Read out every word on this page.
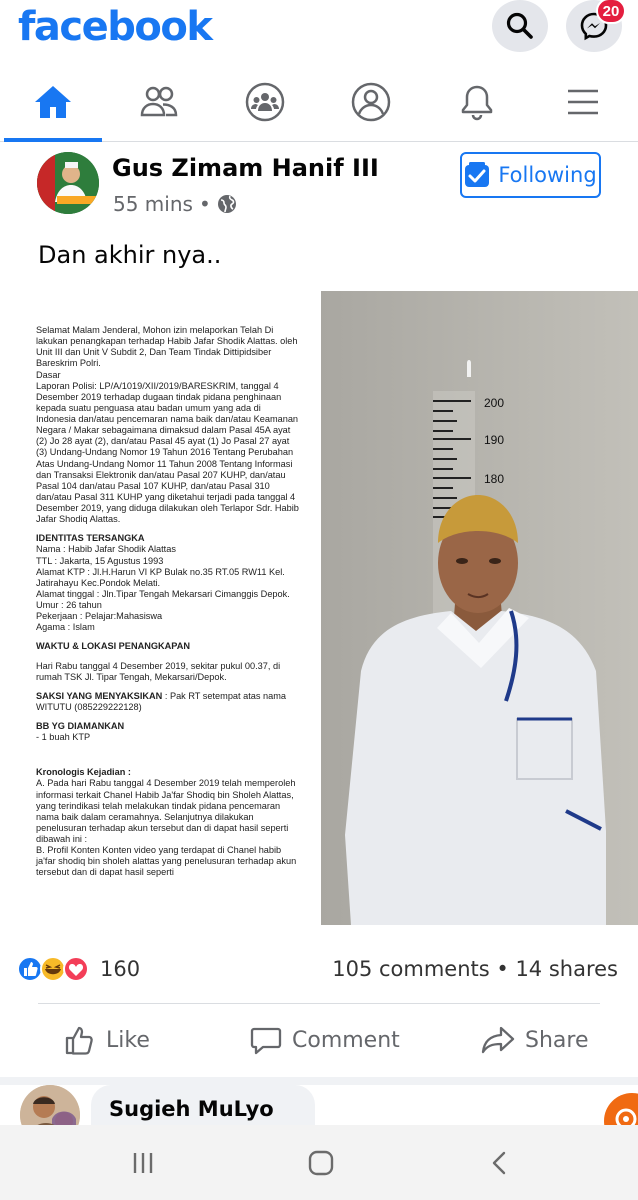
facebook	20
Gus Zimam Hanif III
55 mins •
Following
Dan akhir nya..

Selamat Malam Jenderal, Mohon izin melaporkan Telah Di lakukan penangkapan terhadap Habib Jafar Shodik Alattas. oleh Unit III dan Unit V Subdit 2, Dan Team Tindak Dittipidsiber Bareskrim Polri.

Dasar

Laporan Polisi: LP/A/1019/XII/2019/BARESKRIM, tanggal 4 Desember 2019 terhadap dugaan tindak pidana penghinaan kepada suatu penguasa atau badan umum yang ada di Indonesia dan/atau pencemaran nama baik dan/atau Keamanan Negara / Makar sebagaimana dimaksud dalam Pasal 45A ayat (2) Jo 28 ayat (2), dan/atau Pasal 45 ayat (1) Jo Pasal 27 ayat (3) Undang-Undang Nomor 19 Tahun 2016 Tentang Perubahan Atas Undang-Undang Nomor 11 Tahun 2008 Tentang Informasi dan Transaksi Elektronik dan/atau Pasal 207 KUHP, dan/atau Pasal 104 dan/atau Pasal 107 KUHP, dan/atau Pasal 310 dan/atau Pasal 311 KUHP yang diketahui terjadi pada tanggal 4 Desember 2019, yang diduga dilakukan oleh Terlapor Sdr. Habib Jafar Shodiq Alattas.

IDENTITAS TERSANGKA

Nama : Habib Jafar Shodik Alattas

TTL : Jakarta, 15 Agustus 1993

Alamat KTP : Jl.H.Harun VI KP Bulak no.35 RT.05 RW11 Kel. Jatirahayu Kec.Pondok Melati.

Alamat tinggal : Jln.Tipar Tengah Mekarsari Cimanggis Depok.

Umur : 26 tahun

Pekerjaan : Pelajar:Mahasiswa

Agama : Islam

WAKTU & LOKASI PENANGKAPAN

Hari Rabu tanggal 4 Desember 2019, sekitar pukul 00.37, di rumah TSK Jl. Tipar Tengah, Mekarsari/Depok.

SAKSI YANG MENYAKSIKAN : Pak RT setempat atas nama WITUTU (085229222128)

BB YG DIAMANKAN

- 1 buah KTP

Kronologis Kejadian :

A. Pada hari Rabu tanggal 4 Desember 2019 telah memperoleh informasi terkait Chanel Habib Ja'far Shodiq bin Sholeh Alattas, yang terindikasi telah melakukan tindak pidana pencemaran nama baik dalam ceramahnya. Selanjutnya dilakukan penelusuran terhadap akun tersebut dan di dapat hasil seperti dibawah ini :

B. Profil Konten Konten video yang terdapat di Chanel habib ja'far shodiq bin sholeh alattas yang penelusuran terhadap akun tersebut dan di dapat hasil seperti

200
190
180
160	105 comments • 14 shares
Like	Comment	Share
Sugieh MuLyo
